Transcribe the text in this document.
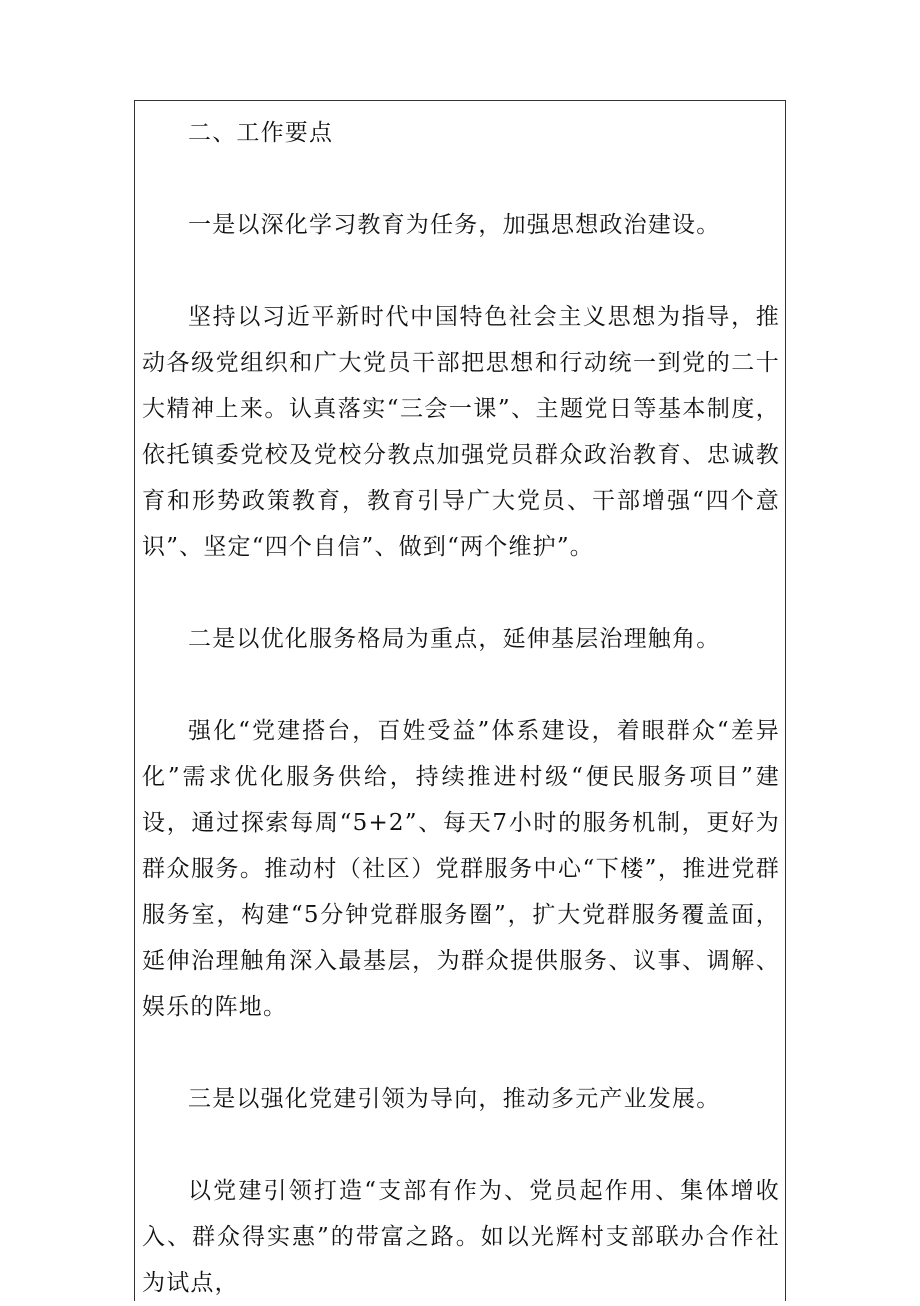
二、工作要点

一是以深化学习教育为任务，加强思想政治建设。

坚持以习近平新时代中国特色社会主义思想为指导，推动各级党组织和广大党员干部把思想和行动统一到党的二十大精神上来。认真落实“三会一课”、主题党日等基本制度，依托镇委党校及党校分教点加强党员群众政治教育、忠诚教育和形势政策教育，教育引导广大党员、干部增强“四个意识”、坚定“四个自信”、做到“两个维护”。

二是以优化服务格局为重点，延伸基层治理触角。

强化“党建搭台，百姓受益”体系建设，着眼群众“差异化”需求优化服务供给，持续推进村级“便民服务项目”建设，通过探索每周“5+2”、每天7小时的服务机制，更好为群众服务。推动村（社区）党群服务中心“下楼”，推进党群服务室，构建“5分钟党群服务圈”，扩大党群服务覆盖面，延伸治理触角深入最基层，为群众提供服务、议事、调解、娱乐的阵地。

三是以强化党建引领为导向，推动多元产业发展。

以党建引领打造“支部有作为、党员起作用、集体增收入、群众得实惠”的带富之路。如以光辉村支部联办合作社为试点，
